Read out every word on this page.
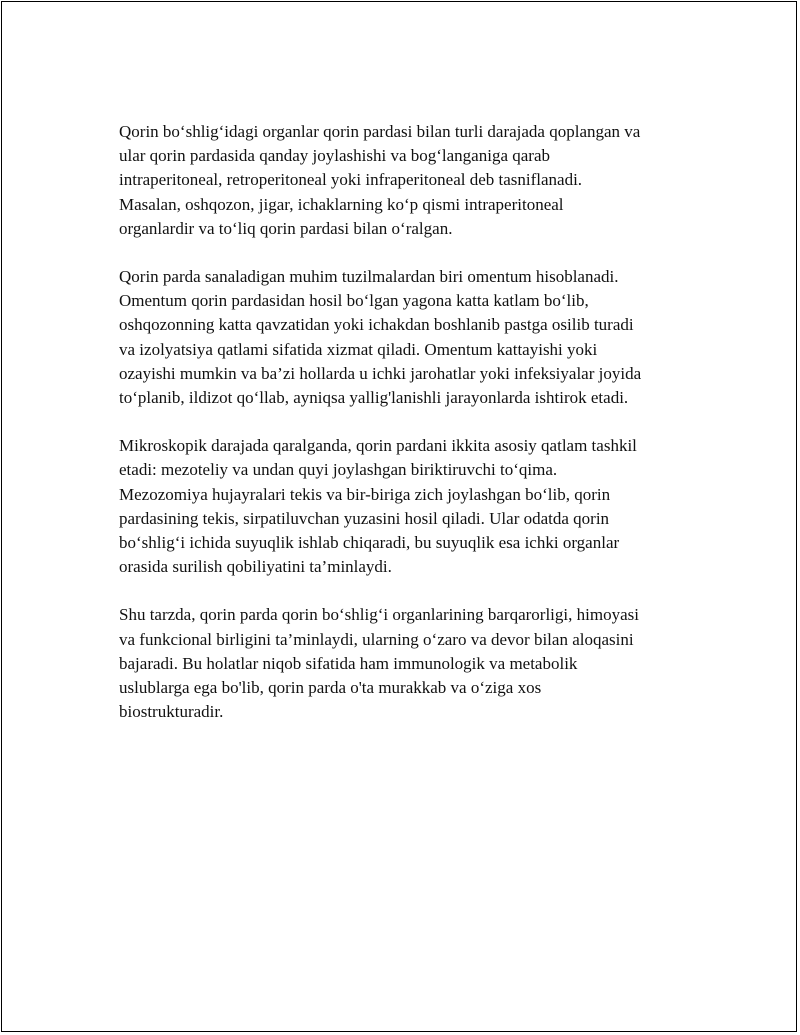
Qorin bo‘shlig‘idagi organlar qorin pardasi bilan turli darajada qoplangan va
ular qorin pardasida qanday joylashishi va bog‘langaniga qarab
intraperitoneal, retroperitoneal yoki infraperitoneal deb tasniflanadi.
Masalan, oshqozon, jigar, ichaklarning ko‘p qismi intraperitoneal
organlardir va to‘liq qorin pardasi bilan o‘ralgan.

Qorin parda sanaladigan muhim tuzilmalardan biri omentum hisoblanadi.
Omentum qorin pardasidan hosil bo‘lgan yagona katta katlam bo‘lib,
oshqozonning katta qavzatidan yoki ichakdan boshlanib pastga osilib turadi
va izolyatsiya qatlami sifatida xizmat qiladi. Omentum kattayishi yoki
ozayishi mumkin va ba’zi hollarda u ichki jarohatlar yoki infeksiyalar joyida
to‘planib, ildizot qo‘llab, ayniqsa yallig'lanishli jarayonlarda ishtirok etadi.

Mikroskopik darajada qaralganda, qorin pardani ikkita asosiy qatlam tashkil
etadi: mezoteliy va undan quyi joylashgan biriktiruvchi to‘qima.
Mezozomiya hujayralari tekis va bir-biriga zich joylashgan bo‘lib, qorin
pardasining tekis, sirpatiluvchan yuzasini hosil qiladi. Ular odatda qorin
bo‘shlig‘i ichida suyuqlik ishlab chiqaradi, bu suyuqlik esa ichki organlar
orasida surilish qobiliyatini ta’minlaydi.

Shu tarzda, qorin parda qorin bo‘shlig‘i organlarining barqarorligi, himoyasi
va funkcional birligini ta’minlaydi, ularning o‘zaro va devor bilan aloqasini
bajaradi. Bu holatlar niqob sifatida ham immunologik va metabolik
uslublarga ega bo'lib, qorin parda o'ta murakkab va o‘ziga xos
biostrukturadir.
